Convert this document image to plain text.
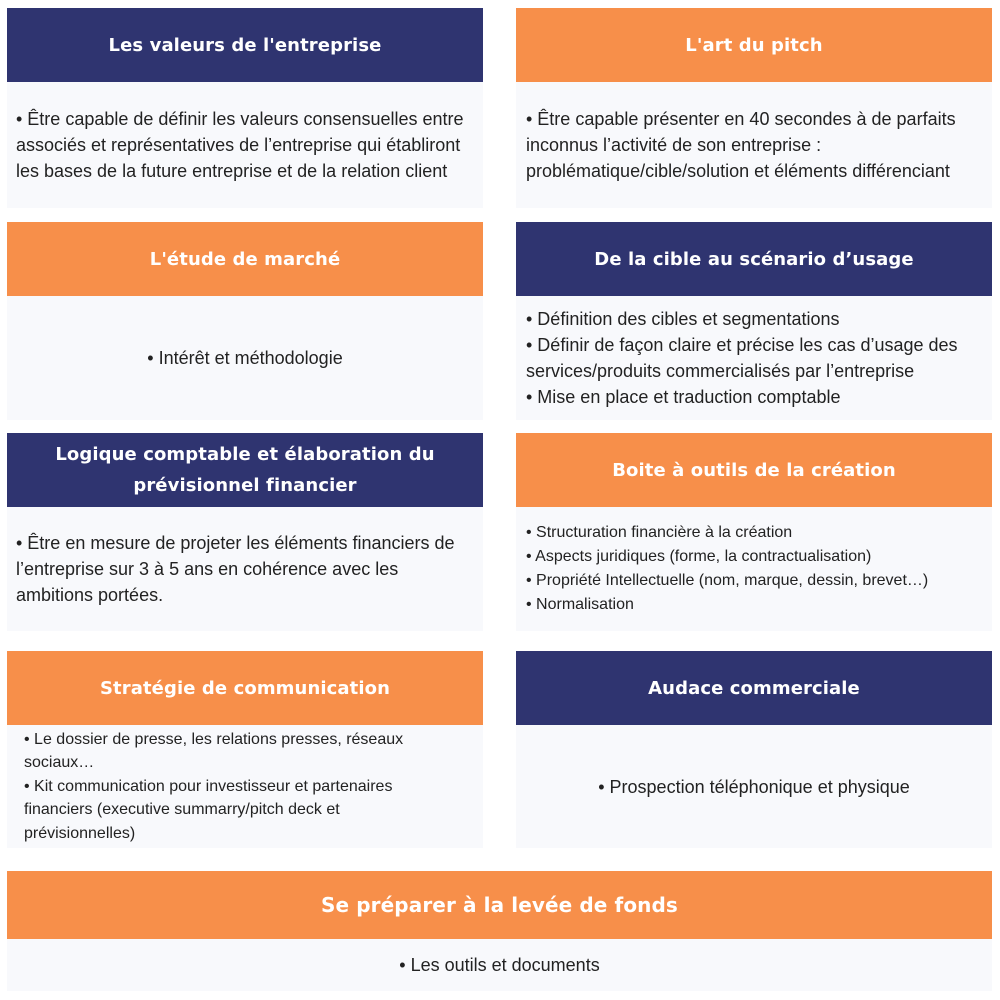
Les valeurs de l'entreprise
• Être capable de définir les valeurs consensuelles entre associés et représentatives de l’entreprise qui établiront les bases de la future entreprise et de la relation client
L'art du pitch
• Être capable présenter en 40 secondes à de parfaits inconnus l’activité de son entreprise : problématique/cible/solution et éléments différenciant
L'étude de marché
• Intérêt et méthodologie
De la cible au scénario d’usage
• Définition des cibles et segmentations
• Définir de façon claire et précise les cas d’usage des services/produits commercialisés par l’entreprise
• Mise en place et traduction comptable
Logique comptable et élaboration du prévisionnel financier
• Être en mesure de projeter les éléments financiers de l’entreprise sur 3 à 5 ans en cohérence avec les ambitions portées.
Boite à outils de la création
• Structuration financière à la création
• Aspects juridiques (forme, la contractualisation)
• Propriété Intellectuelle (nom, marque, dessin, brevet…)
• Normalisation
Stratégie de communication
• Le dossier de presse, les relations presses, réseaux sociaux…
• Kit communication pour investisseur et partenaires financiers (executive summarry/pitch deck et prévisionnelles)
Audace commerciale
• Prospection téléphonique et physique
Se préparer à la levée de fonds
• Les outils et documents
